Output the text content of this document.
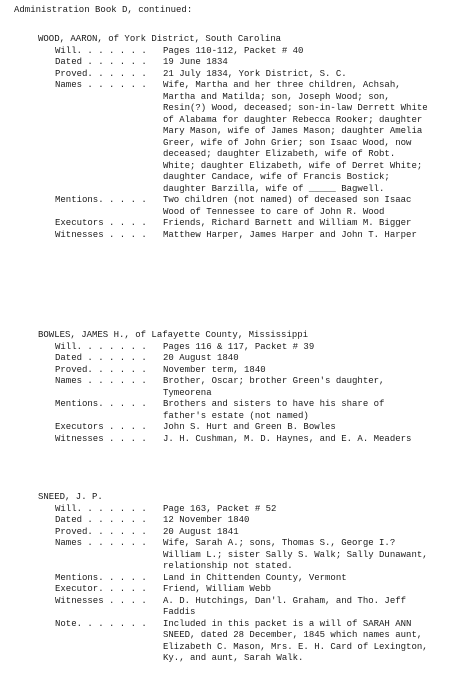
Administration Book D, continued:
WOOD, AARON, of York District, South Carolina
Will. . . . . . .	Pages 110-112, Packet # 40
Dated . . . . . .	19 June 1834
Proved. . . . . .	21 July 1834, York District, S. C.
Names . . . . . .	Wife, Martha and her three children, Achsah, Martha and Matilda; son, Joseph Wood; son, Resin(?) Wood, deceased; son-in-law Derrett White of Alabama for daughter Rebecca Rooker; daughter Mary Mason, wife of James Mason; daughter Amelia Greer, wife of John Grier; son Isaac Wood, now deceased; daughter Elizabeth, wife of Robt. White; daughter Elizabeth, wife of Derret White; daughter Candace, wife of Francis Bostick; daughter Barzilla, wife of _____ Bagwell.
Mentions. . . . .	Two children (not named) of deceased son Isaac Wood of Tennessee to care of John R. Wood
Executors . . . .	Friends, Richard Barnett and William M. Bigger
Witnesses . . . .	Matthew Harper, James Harper and John T. Harper
BOWLES, JAMES H., of Lafayette County, Mississippi
Will. . . . . . .	Pages 116 & 117, Packet # 39
Dated . . . . . .	20 August 1840
Proved. . . . . .	November term, 1840
Names . . . . . .	Brother, Oscar; brother Green's daughter, Tymeorena
Mentions. . . . .	Brothers and sisters to have his share of father's estate (not named)
Executors . . . .	John S. Hurt and Green B. Bowles
Witnesses . . . .	J. H. Cushman, M. D. Haynes, and E. A. Meaders
SNEED, J. P.
Will. . . . . . .	Page 163, Packet # 52
Dated . . . . . .	12 November 1840
Proved. . . . . .	20 August 1841
Names . . . . . .	Wife, Sarah A.; sons, Thomas S., George I.? William L.; sister Sally S. Walk; Sally Dunawant, relationship not stated.
Mentions. . . . .	Land in Chittenden County, Vermont
Executor. . . . .	Friend, William Webb
Witnesses . . . .	A. D. Hutchings, Dan'l. Graham, and Tho. Jeff Faddis
Note. . . . . . .	Included in this packet is a will of SARAH ANN SNEED, dated 28 December, 1845 which names aunt, Elizabeth C. Mason, Mrs. E. H. Card of Lexington, Ky., and aunt, Sarah Walk.
